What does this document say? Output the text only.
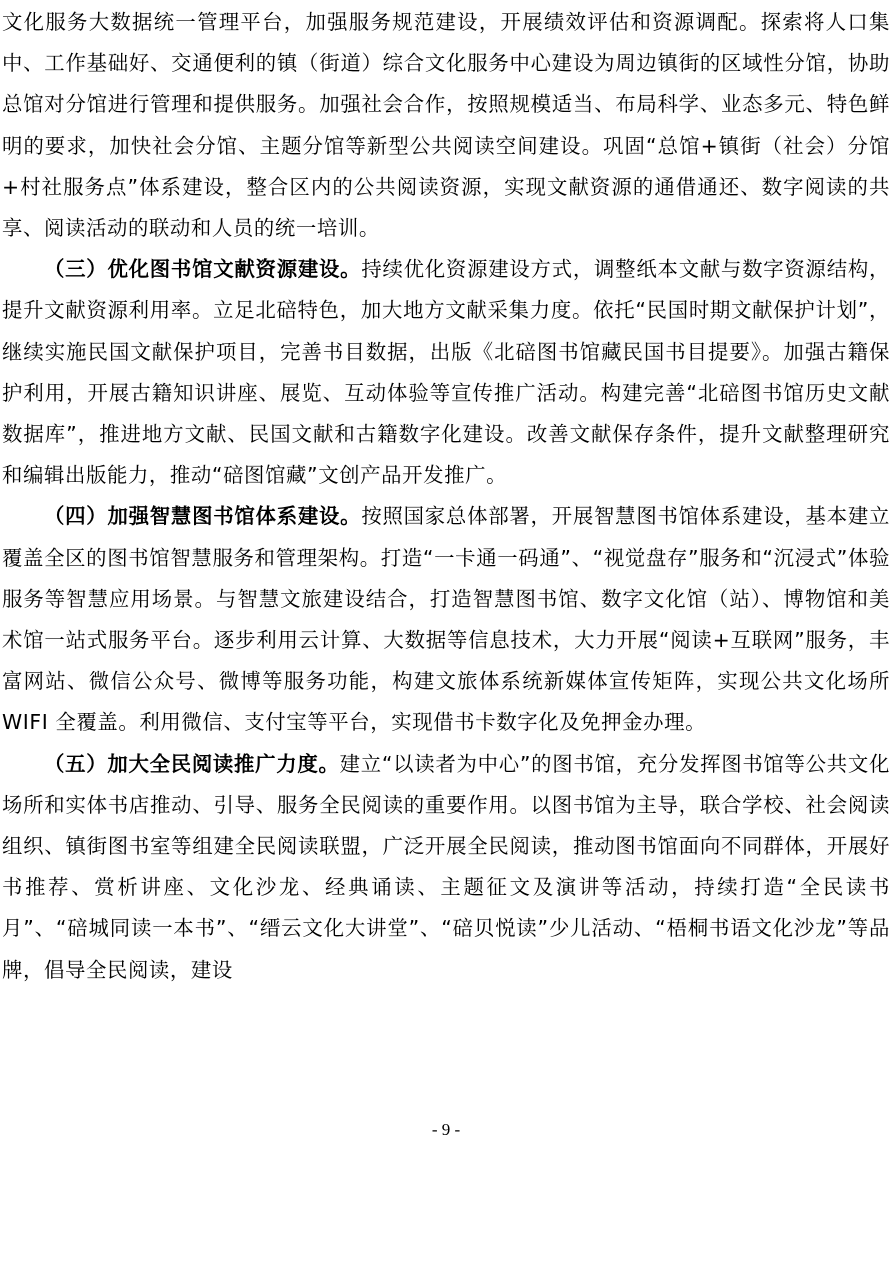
文化服务大数据统一管理平台，加强服务规范建设，开展绩效评估和资源调配。探索将人口集中、工作基础好、交通便利的镇（街道）综合文化服务中心建设为周边镇街的区域性分馆，协助总馆对分馆进行管理和提供服务。加强社会合作，按照规模适当、布局科学、业态多元、特色鲜明的要求，加快社会分馆、主题分馆等新型公共阅读空间建设。巩固“总馆+镇街（社会）分馆+村社服务点”体系建设，整合区内的公共阅读资源，实现文献资源的通借通还、数字阅读的共享、阅读活动的联动和人员的统一培训。

（三）优化图书馆文献资源建设。持续优化资源建设方式，调整纸本文献与数字资源结构，提升文献资源利用率。立足北碚特色，加大地方文献采集力度。依托“民国时期文献保护计划”，继续实施民国文献保护项目，完善书目数据，出版《北碚图书馆藏民国书目提要》。加强古籍保护利用，开展古籍知识讲座、展览、互动体验等宣传推广活动。构建完善“北碚图书馆历史文献数据库”，推进地方文献、民国文献和古籍数字化建设。改善文献保存条件，提升文献整理研究和编辑出版能力，推动“碚图馆藏”文创产品开发推广。

（四）加强智慧图书馆体系建设。按照国家总体部署，开展智慧图书馆体系建设，基本建立覆盖全区的图书馆智慧服务和管理架构。打造“一卡通一码通”、“视觉盘存”服务和“沉浸式”体验服务等智慧应用场景。与智慧文旅建设结合，打造智慧图书馆、数字文化馆（站）、博物馆和美术馆一站式服务平台。逐步利用云计算、大数据等信息技术，大力开展“阅读+互联网”服务，丰富网站、微信公众号、微博等服务功能，构建文旅体系统新媒体宣传矩阵，实现公共文化场所 WIFI 全覆盖。利用微信、支付宝等平台，实现借书卡数字化及免押金办理。

（五）加大全民阅读推广力度。建立“以读者为中心”的图书馆，充分发挥图书馆等公共文化场所和实体书店推动、引导、服务全民阅读的重要作用。以图书馆为主导，联合学校、社会阅读组织、镇街图书室等组建全民阅读联盟，广泛开展全民阅读，推动图书馆面向不同群体，开展好书推荐、赏析讲座、文化沙龙、经典诵读、主题征文及演讲等活动，持续打造“全民读书月”、“碚城同读一本书”、“缙云文化大讲堂”、“碚贝悦读”少儿活动、“梧桐书语文化沙龙”等品牌，倡导全民阅读，建设

- 9 -
